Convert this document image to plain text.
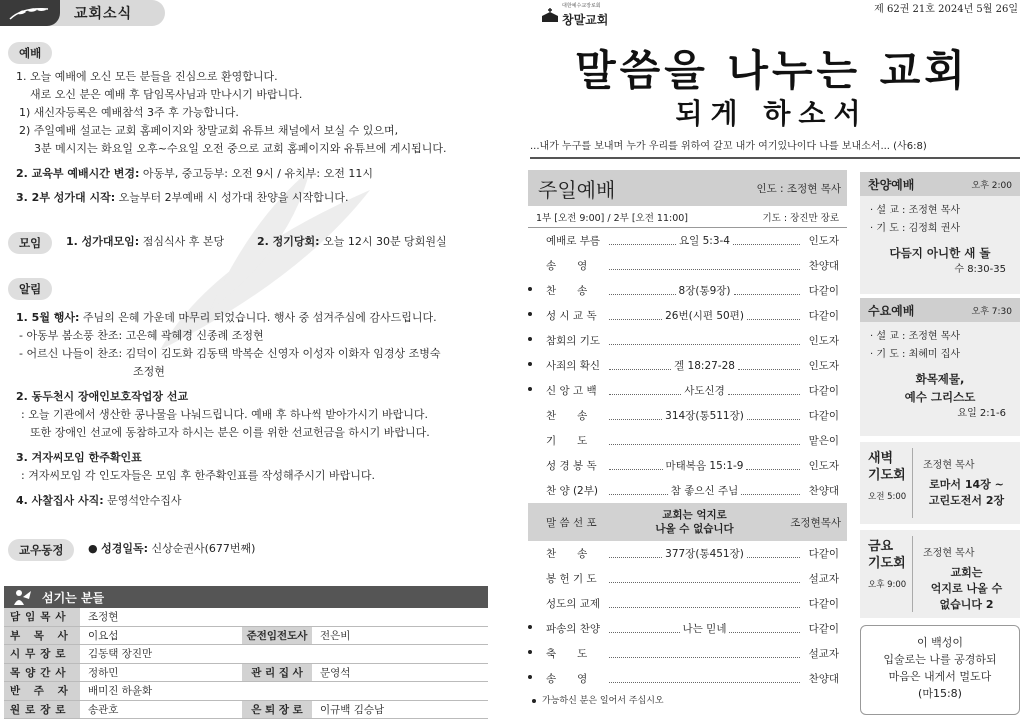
교회소식
예배
1. 오늘 예배에 오신 모든 분들을 진심으로 환영합니다.
새로 오신 분은 예배 후 담임목사님과 만나시기 바랍니다.
1) 새신자등록은 예배참석 3주 후 가능합니다.
2) 주일예배 설교는 교회 홈페이지와 창말교회 유튜브 채널에서 보실 수 있으며,
3분 메시지는 화요일 오후~수요일 오전 중으로 교회 홈페이지와 유튜브에 게시됩니다.
2. 교육부 예배시간 변경: 아동부, 중고등부: 오전 9시 / 유치부: 오전 11시
3. 2부 성가대 시작: 오늘부터 2부예배 시 성가대 찬양을 시작합니다.
모임	1. 성가대모임: 점심식사 후 본당	2. 정기당회: 오늘 12시 30분 당회원실
알림
1. 5월 행사: 주님의 은혜 가운데 마무리 되었습니다. 행사 중 섬겨주심에 감사드립니다.
- 아동부 봄소풍 찬조: 고은혜 곽혜경 신종례 조정현
- 어르신 나들이 찬조: 김덕이 김도화 김동택 박복순 신영자 이성자 이화자 임경상 조병숙
조정현
2. 동두천시 장애인보호작업장 선교
: 오늘 기관에서 생산한 콩나물을 나눠드립니다. 예배 후 하나씩 받아가시기 바랍니다.
또한 장애인 선교에 동참하고자 하시는 분은 이를 위한 선교헌금을 하시기 바랍니다.
3. 겨자씨모임 한주확인표
: 겨자씨모임 각 인도자들은 모임 후 한주확인표를 작성해주시기 바랍니다.
4. 사찰집사 사직: 문영석안수집사
교우동정	● 성경일독: 신상순권사(677번째)
섬기는 분들
담임목사	조정현
부 목 사	이요섭	준전임전도사	전은비
시무장로	김동택 장진만
목양간사	정하민	관 리 집 사	문영석
반 주 자	배미진 하윤화
원로장로	송관호	은 퇴 장 로	이규백 김승남
대한예수교장로회
창말교회
제 62권 21호 2024년 5월 26일
말씀을 나누는 교회
되게 하소서
...내가 누구를 보내며 누가 우리를 위하여 갈꼬 내가 여기있나이다 나를 보내소서... (사6:8)
주일예배	인도 : 조정현 목사
1부 [오전 9:00] / 2부 [오전 11:00]	기도 : 장진만 장로
예배로 부름	요일 5:3-4	인도자
송　　영	찬양대
찬　　송	8장(통9장)	다같이
성 시 교 독	26번(시편 50편)	다같이
참회의 기도	인도자
사죄의 확신	겔 18:27-28	인도자
신 앙 고 백	사도신경	다같이
찬　　송	314장(통511장)	다같이
기　　도	맡은이
성 경 봉 독	마태복음 15:1-9	인도자
찬 양 (2부)	참 좋으신 주님	찬양대
말 씀 선 포
교회는 억지로
나올 수 없습니다
조정현목사
찬　　송	377장(통451장)	다같이
봉 헌 기 도	설교자
성도의 교제	다같이
파송의 찬양	나는 믿네	다같이
축　　도	설교자
송　　영	찬양대
가능하신 분은 일어서 주십시오
찬양예배	오후 2:00
· 설 교 : 조정현 목사
· 기 도 : 김정희 권사
다듬지 아니한 새 돌
수 8:30-35
수요예배	오후 7:30
· 설 교 : 조정현 목사
· 기 도 : 최혜미 집사
화목제물,
예수 그리스도
요일 2:1-6
새벽
기도회
오전 5:00
조정현 목사
로마서 14장 ~
고린도전서 2장
금요
기도회
오후 9:00
조정현 목사
교회는
억지로 나올 수
없습니다 2
이 백성이
입술로는 나를 공경하되
마음은 내게서 멀도다
(마15:8)
